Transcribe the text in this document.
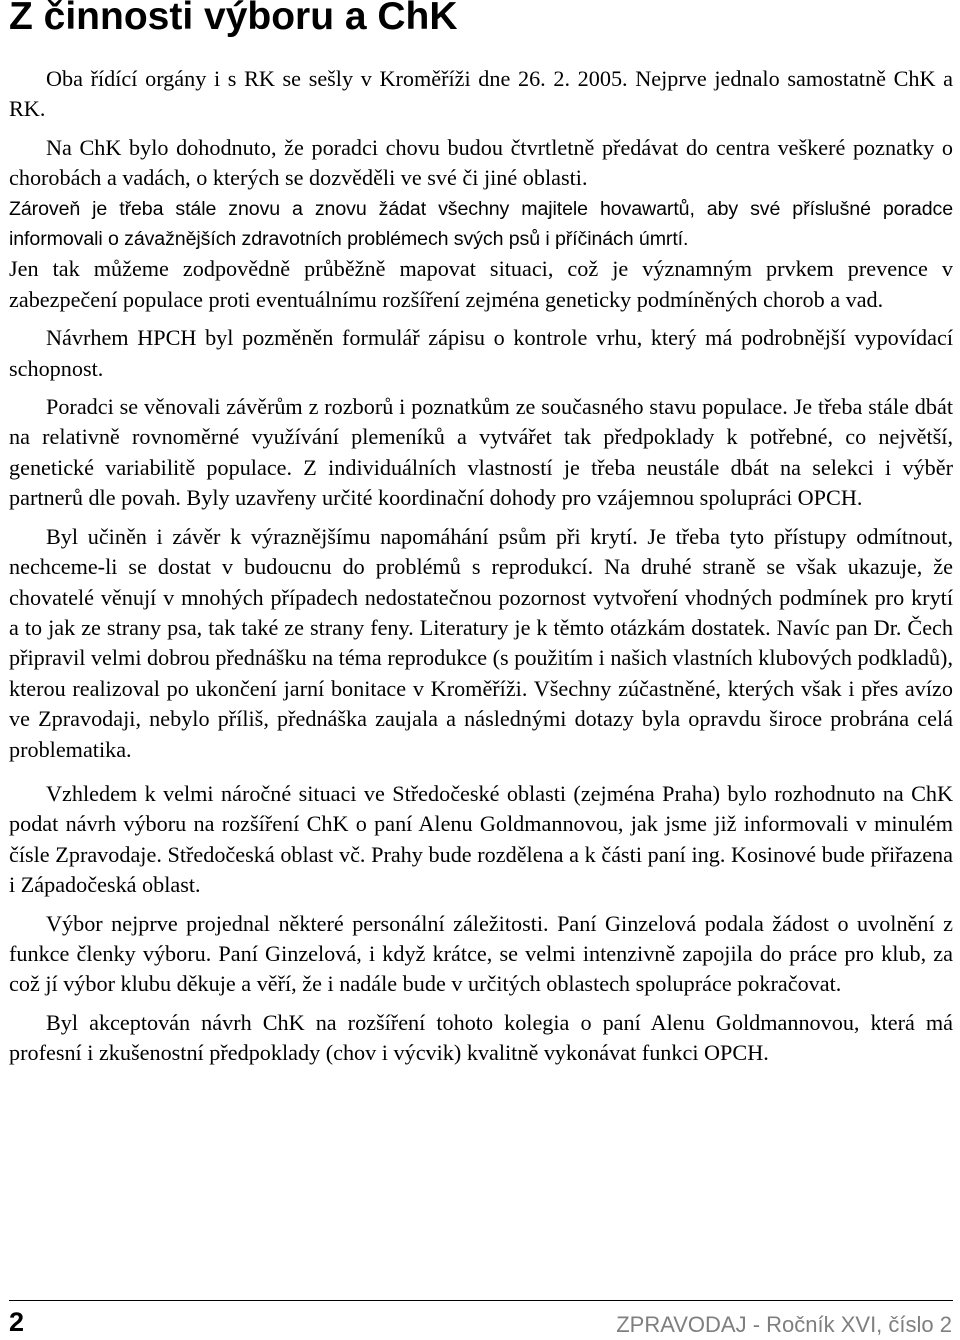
Z činnosti výboru a ChK

Oba řídící orgány i s RK se sešly v Kroměříži dne 26. 2. 2005. Nejprve jednalo samostatně ChK a RK.

Na ChK bylo dohodnuto, že poradci chovu budou čtvrtletně předávat do centra veškeré poznatky o chorobách a vadách, o kterých se dozvěděli ve své či jiné oblasti.

Zároveň je třeba stále znovu a znovu žádat všechny majitele hovawartů, aby své příslušné poradce informovali o závažnějších zdravotních problémech svých psů i příčinách úmrtí.

Jen tak můžeme zodpovědně průběžně mapovat situaci, což je významným prvkem prevence v zabezpečení populace proti eventuálnímu rozšíření zejména geneticky podmíněných chorob a vad.

Návrhem HPCH byl pozměněn formulář zápisu o kontrole vrhu, který má podrobnější vypovídací schopnost.

Poradci se věnovali závěrům z rozborů i poznatkům ze současného stavu populace. Je třeba stále dbát na relativně rovnoměrné využívání plemeníků a vytvářet tak předpoklady k potřebné, co největší, genetické variabilitě populace. Z individuálních vlastností je třeba neustále dbát na selekci i výběr partnerů dle povah. Byly uzavřeny určité koordinační dohody pro vzájemnou spolupráci OPCH.

Byl učiněn i závěr k výraznějšímu napomáhání psům při krytí. Je třeba tyto přístupy odmítnout, nechceme-li se dostat v budoucnu do problémů s reprodukcí. Na druhé straně se však ukazuje, že chovatelé věnují v mnohých případech nedostatečnou pozornost vytvoření vhodných podmínek pro krytí a to jak ze strany psa, tak také ze strany feny. Literatury je k těmto otázkám dostatek. Navíc pan Dr. Čech připravil velmi dobrou přednášku na téma reprodukce (s použitím i našich vlastních klubových podkladů), kterou realizoval po ukončení jarní bonitace v Kroměříži. Všechny zúčastněné, kterých však i přes avízo ve Zpravodaji, nebylo příliš, přednáška zaujala a následnými dotazy byla opravdu široce probrána celá problematika.

Vzhledem k velmi náročné situaci ve Středočeské oblasti (zejména Praha) bylo rozhodnuto na ChK podat návrh výboru na rozšíření ChK o paní Alenu Goldmannovou, jak jsme již informovali v minulém čísle Zpravodaje. Středočeská oblast vč. Prahy bude rozdělena a k části paní ing. Kosinové bude přiřazena i Západočeská oblast.

Výbor nejprve projednal některé personální záležitosti. Paní Ginzelová podala žádost o uvolnění z funkce členky výboru. Paní Ginzelová, i když krátce, se velmi intenzivně zapojila do práce pro klub, za což jí výbor klubu děkuje a věří, že i nadále bude v určitých oblastech spolupráce pokračovat.

Byl akceptován návrh ChK na rozšíření tohoto kolegia o paní Alenu Goldmannovou, která má profesní i zkušenostní předpoklady (chov i výcvik) kvalitně vykonávat funkci OPCH.

2	ZPRAVODAJ - Ročník XVI, číslo 2
